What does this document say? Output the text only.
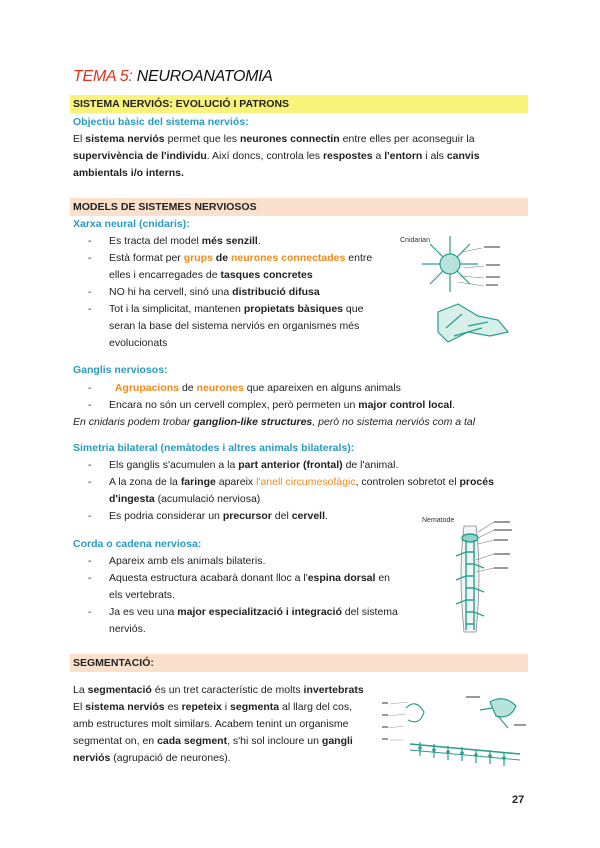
TEMA 5: NEUROANATOMIA
SISTEMA NERVIÓS: EVOLUCIÓ I PATRONS
Objectiu bàsic del sistema nerviós:
El sistema nerviós permet que les neurones connectin entre elles per aconseguir la
supervivència de l'individu. Així doncs, controla les respostes a l'entorn i als canvis
ambientals i/o interns.
MODELS DE SISTEMES NERVIOSOS
Xarxa neural (cnidaris):
- Es tracta del model més senzill.
- Està format per grups de neurones connectades entre
elles i encarregades de tasques concretes
- NO hi ha cervell, sinó una distribució difusa
- Tot i la simplicitat, mantenen propietats bàsiques que
seran la base del sistema nerviós en organismes més
evolucionats
Cnidarian
Ganglis nerviosos:
- Agrupacions de neurones que apareixen en alguns animals
- Encara no són un cervell complex, però permeten un major control local.
En cnidaris podem trobar ganglion-like structures, però no sistema nerviós com a tal
Simetria bilateral (nemàtodes i altres animals bilaterals):
- Els ganglis s'acumulen a la part anterior (frontal) de l'animal.
- A la zona de la faringe apareix l'anell circumesofàgic, controlen sobretot el procés
d'ingesta (acumulació nerviosa)
- Es podria considerar un precursor del cervell.	Nematode
Corda o cadena nerviosa:
- Apareix amb els animals bilateris.
- Aquesta estructura acabarà donant lloc a l'espina dorsal en
els vertebrats.
- Ja es veu una major especialització i integració del sistema
nerviós.
SEGMENTACIÓ:
La segmentació és un tret característic de molts invertebrats
El sistema nerviós es repeteix i segmenta al llarg del cos,
amb estructures molt similars. Acabem tenint un organisme
segmentat on, en cada segment, s'hi sol incloure un gangli
nerviós (agrupació de neurones).
27
